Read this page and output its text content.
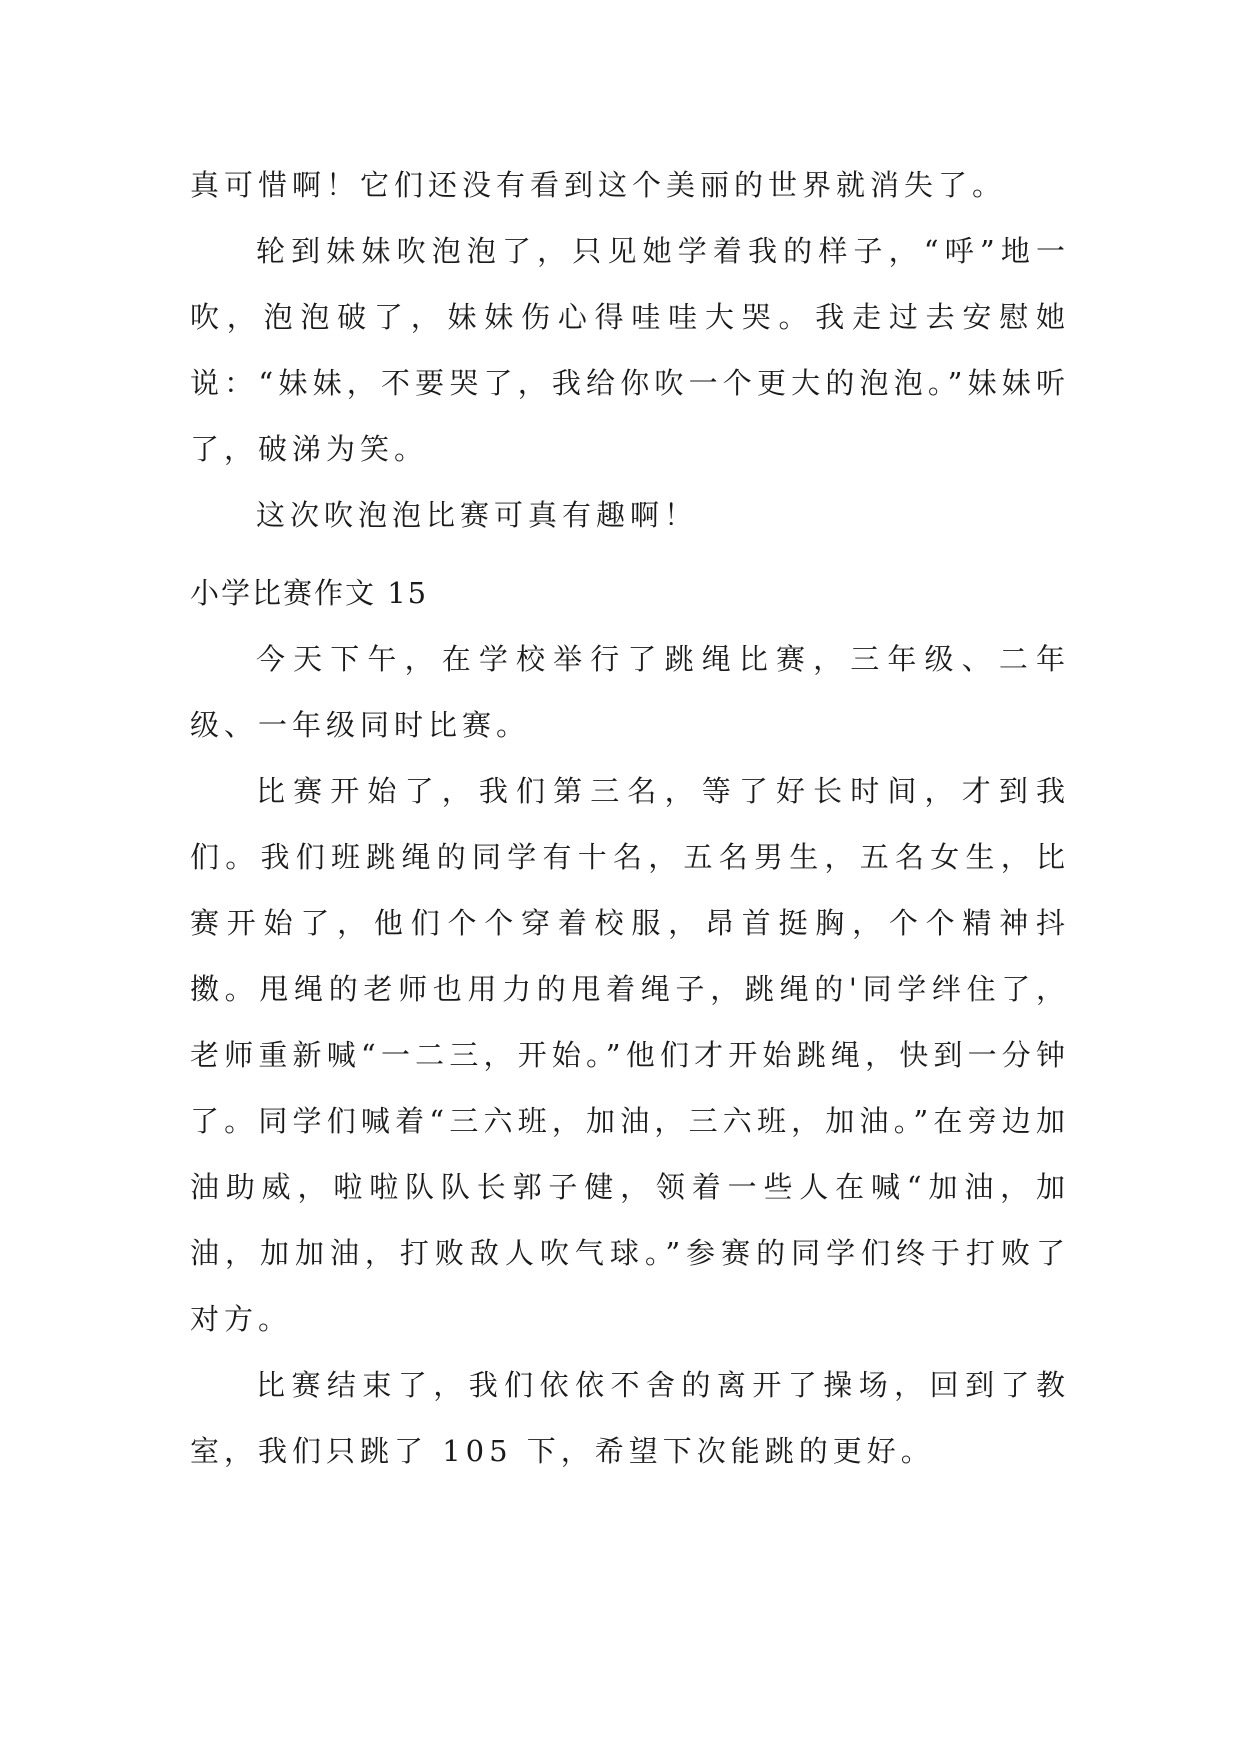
真可惜啊！它们还没有看到这个美丽的世界就消失了。

轮到妹妹吹泡泡了，只见她学着我的样子，“呼”地一吹，泡泡破了，妹妹伤心得哇哇大哭。我走过去安慰她说：“妹妹，不要哭了，我给你吹一个更大的泡泡。”妹妹听了，破涕为笑。

这次吹泡泡比赛可真有趣啊！

小学比赛作文 15

今天下午，在学校举行了跳绳比赛，三年级、二年级、一年级同时比赛。

比赛开始了，我们第三名，等了好长时间，才到我们。我们班跳绳的同学有十名，五名男生，五名女生，比赛开始了，他们个个穿着校服，昂首挺胸，个个精神抖擞。甩绳的老师也用力的甩着绳子，跳绳的'同学绊住了，老师重新喊“一二三，开始。”他们才开始跳绳，快到一分钟了。同学们喊着“三六班，加油，三六班，加油。”在旁边加油助威，啦啦队队长郭子健，领着一些人在喊“加油，加油，加加油，打败敌人吹气球。”参赛的同学们终于打败了对方。

比赛结束了，我们依依不舍的离开了操场，回到了教室，我们只跳了 105 下，希望下次能跳的更好。
